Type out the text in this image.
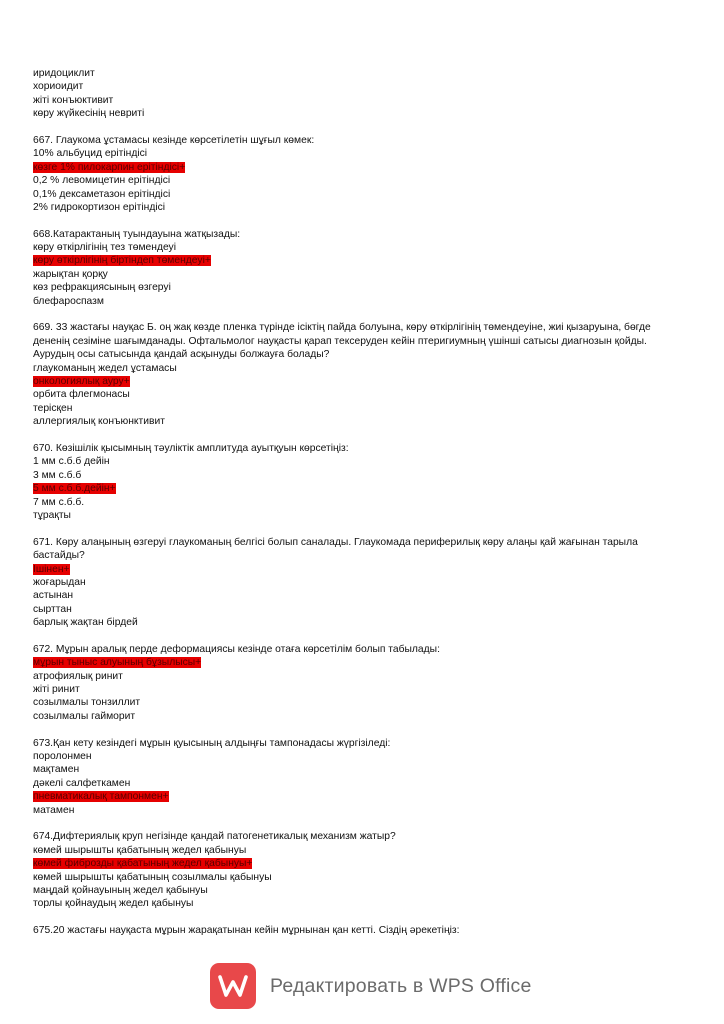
иридоциклит
хориоидит
жіті конъюктивит
көру жүйкесінің невриті
667. Глаукома ұстамасы кезінде көрсетілетін шұғыл көмек:
10% альбуцид ерітіндісі
көзге 1% пилокарпин ерітіндісі+
0,2 % левомицетин ерітіндісі
0,1% дексаметазон ерітіндісі
2% гидрокортизон ерітіндісі
668.Катарактаның туындауына жатқызады:
көру өткірлігінің тез төмендеуі
көру өткірлігінің біртіндеп төмендеуі+
жарықтан қорқу
көз рефракциясының өзгеруі
блефароспазм
669. 33 жастағы науқас Б. оң жақ көзде пленка түрінде ісіктің пайда болуына, көру өткірлігінің төмендеуіне, жиі қызаруына, бөгде дененің сезіміне шағымданады. Офтальмолог науқасты қарап тексеруден кейін птеригиумның үшінші сатысы диагнозын қойды. Аурудың осы сатысында қандай асқынуды болжауға болады?
глаукоманың жедел ұстамасы
онкологиялық ауру+
орбита флегмонасы
терісқен
аллергиялық конъюнктивит
670. Көзішілік қысымның тәуліктік амплитуда ауытқуын көрсетіңіз:
1 мм с.б.б дейін
3 мм с.б.б
5 мм с.б.б.дейін+
7 мм с.б.б.
тұрақты
671. Көру алаңының өзгеруі глаукоманың белгісі болып саналады. Глаукомада периферилық көру алаңы қай жағынан тарыла бастайды?
Ішінен+
жоғарыдан
астынан
сырттан
барлық жақтан бірдей
672. Мұрын аралық перде деформациясы кезінде отаға көрсетілім болып табылады:
мұрын тыныс алуының бұзылысы+
атрофиялық ринит
жіті ринит
созылмалы тонзиллит
созылмалы гайморит
673.Қан кету кезіндегі мұрын қуысының алдыңғы тампонадасы жүргізіледі:
поролонмен
мақтамен
дәкелі салфеткамен
пневматикалық тампонмен+
матамен
674.Дифтериялық круп негізінде қандай патогенетикалық механизм жатыр?
көмей шырышты қабатының жедел қабынуы
көмей фиброзды қабатының жедел қабынуы+
көмей шырышты қабатының созылмалы қабынуы
маңдай қойнауының жедел қабынуы
торлы қойнаудың жедел қабынуы
675.20 жастағы науқаста мұрын жарақатынан кейін мұрнынан қан кетті. Сіздің әрекетіңіз:
Редактировать в WPS Office
